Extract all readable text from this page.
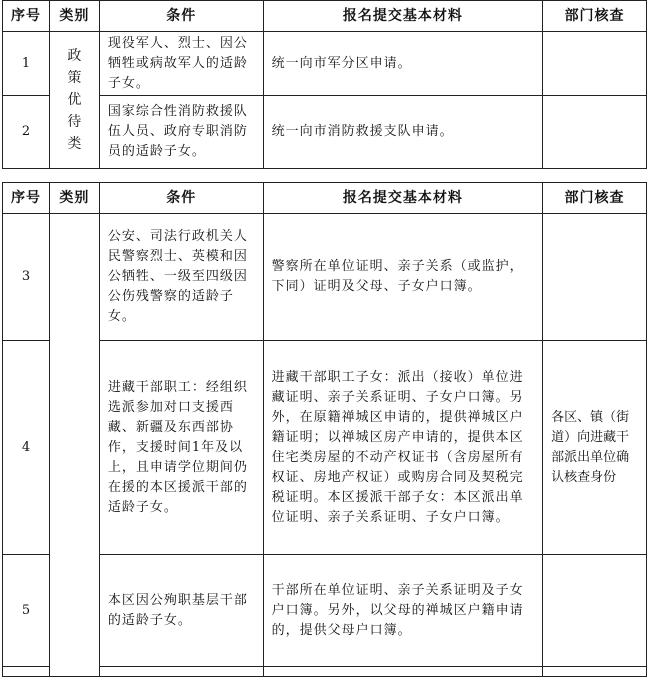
序号	类别	条件	报名提交基本材料	部门核查
1	政策优待类	现役军人、烈士、因公牺牲或病故军人的适龄子女。	统一向市军分区申请。	
2		国家综合性消防救援队伍人员、政府专职消防员的适龄子女。	统一向市消防救援支队申请。	
序号	类别	条件	报名提交基本材料	部门核查
3		公安、司法行政机关人民警察烈士、英模和因公牺牲、一级至四级因公伤残警察的适龄子女。	警察所在单位证明、亲子关系（或监护，下同）证明及父母、子女户口簿。	
4		进藏干部职工：经组织选派参加对口支援西藏、新疆及东西部协作，支援时间1年及以上，且申请学位期间仍在援的本区援派干部的适龄子女。	进藏干部职工子女：派出（接收）单位进藏证明、亲子关系证明、子女户口簿。另外，在原籍禅城区申请的，提供禅城区户籍证明；以禅城区房产申请的，提供本区住宅类房屋的不动产权证书（含房屋所有权证、房地产权证）或购房合同及契税完税证明。本区援派干部子女：本区派出单位证明、亲子关系证明、子女户口簿。	各区、镇（街道）向进藏干部派出单位确认核查身份
5		本区因公殉职基层干部的适龄子女。	干部所在单位证明、亲子关系证明及子女户口簿。另外，以父母的禅城区户籍申请的，提供父母户口簿。	
